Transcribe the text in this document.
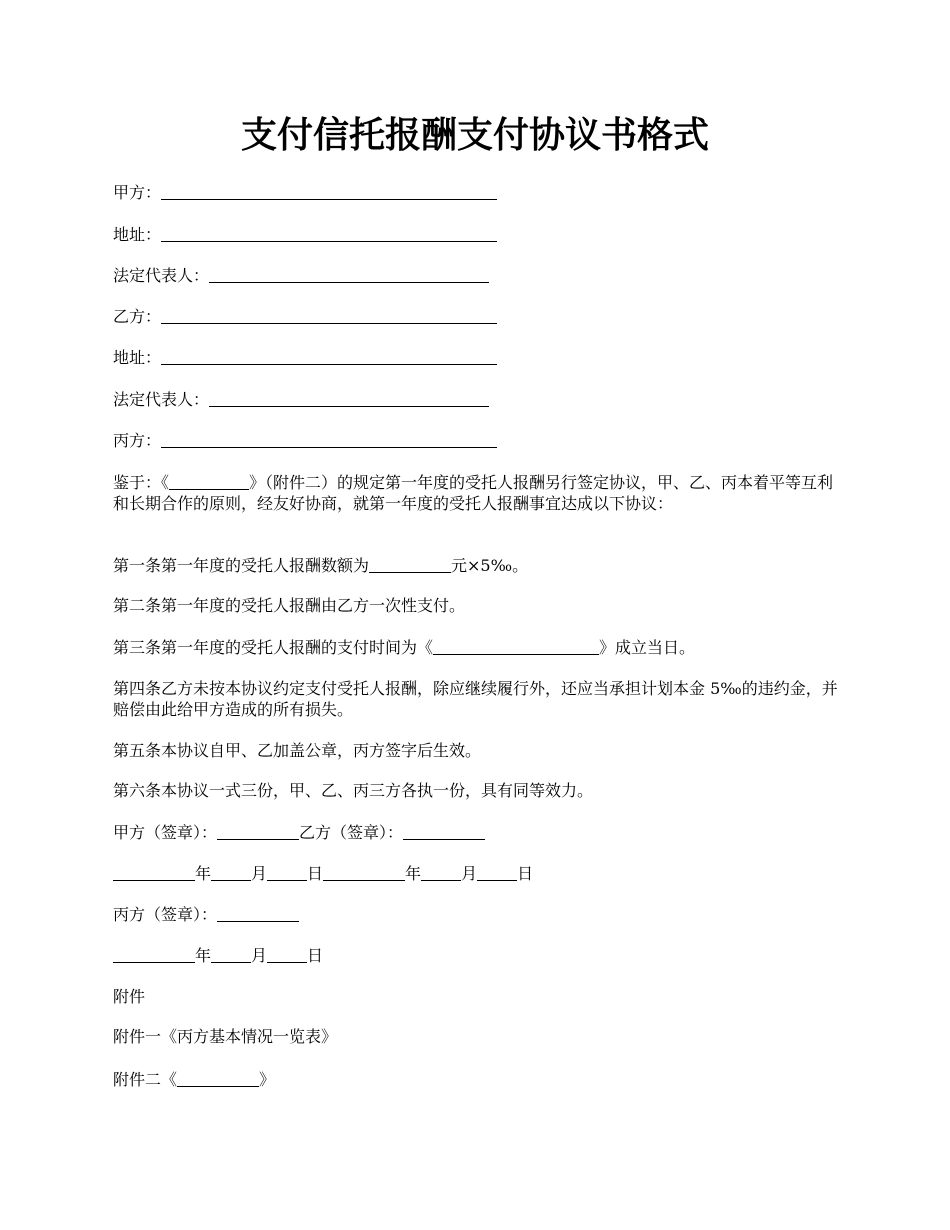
支付信托报酬支付协议书格式

甲方：

地址：

法定代表人：

乙方：

地址：

法定代表人：

丙方：

鉴于：《	》（附件二）的规定第一年度的受托人报酬另行签定协议，甲、乙、丙本着平等互利和长期合作的原则，经友好协商，就第一年度的受托人报酬事宜达成以下协议：

第一条第一年度的受托人报酬数额为	元×5‰。

第二条第一年度的受托人报酬由乙方一次性支付。

第三条第一年度的受托人报酬的支付时间为《	》成立当日。

第四条乙方未按本协议约定支付受托人报酬，除应继续履行外，还应当承担计划本金 5‰的违约金，并赔偿由此给甲方造成的所有损失。

第五条本协议自甲、乙加盖公章，丙方签字后生效。

第六条本协议一式三份，甲、乙、丙三方各执一份，具有同等效力。

甲方（签章）：	乙方（签章）：

年	月	日	年	月	日

丙方（签章）：

年	月	日

附件

附件一《丙方基本情况一览表》

附件二《	》
